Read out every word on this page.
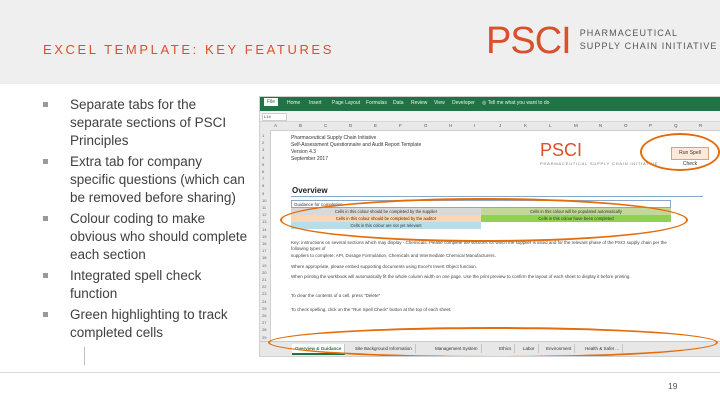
EXCEL TEMPLATE: KEY FEATURES	PSCI PHARMACEUTICAL
SUPPLY CHAIN INITIATIVE
Separate tabs for the separate sections of PSCI Principles
Extra tab for company specific questions (which can be removed before sharing)
Colour coding to make obvious who should complete each section
Integrated spell check function
Green highlighting to track completed cells
File	Home Insert Page Layout Formulas Data Review View Developer ◎ Tell me what you want to do
L14
A	B	C	D	E	F	G	H	I	J	K	L	M	N	O	P	Q	R
1
2
3
4
5
6
7
8
9
10
11
12
13
14
15
16
17
18
19
20
21
22
23
24
25
26
27
28
29
Pharmaceutical Supply Chain Initiative
Self-Assessment Questionnaire and Audit Report Template
Version 4.3
September 2017	PSCI
PHARMACEUTICAL SUPPLY CHAIN INITIATIVE
Run Spell Check
Overview
Guidance for completion
Cells in this colour should be completed by the supplier	Cells in this colour will be populated automatically
Cells in this colour should be completed by the auditor	Cells in this colour have been completed
Cells in this colour are not yet relevant
Key: instructions on several sections which may display - Chemicals: Please complete the sections for which the supplier is listed and for the relevant phase of the PSCI supply chain per the following types of
suppliers to complete: API, Dosage Formulation, Chemicals and Intermediate Chemical Manufacturers.
Where appropriate, please embed supporting documents using Excel's Insert Object function.
When printing the workbook will automatically fit the whole column width on one page. Use the print preview to confirm the layout of each sheet to display it before printing.
To clear the contents of a cell, press "Delete"
To check spelling, click on the "Run Spell Check" button at the top of each sheet.
Overview & Guidance	Site Background Information	Management System	Ethics	Labor	Environment	Health & Safet ...
19
